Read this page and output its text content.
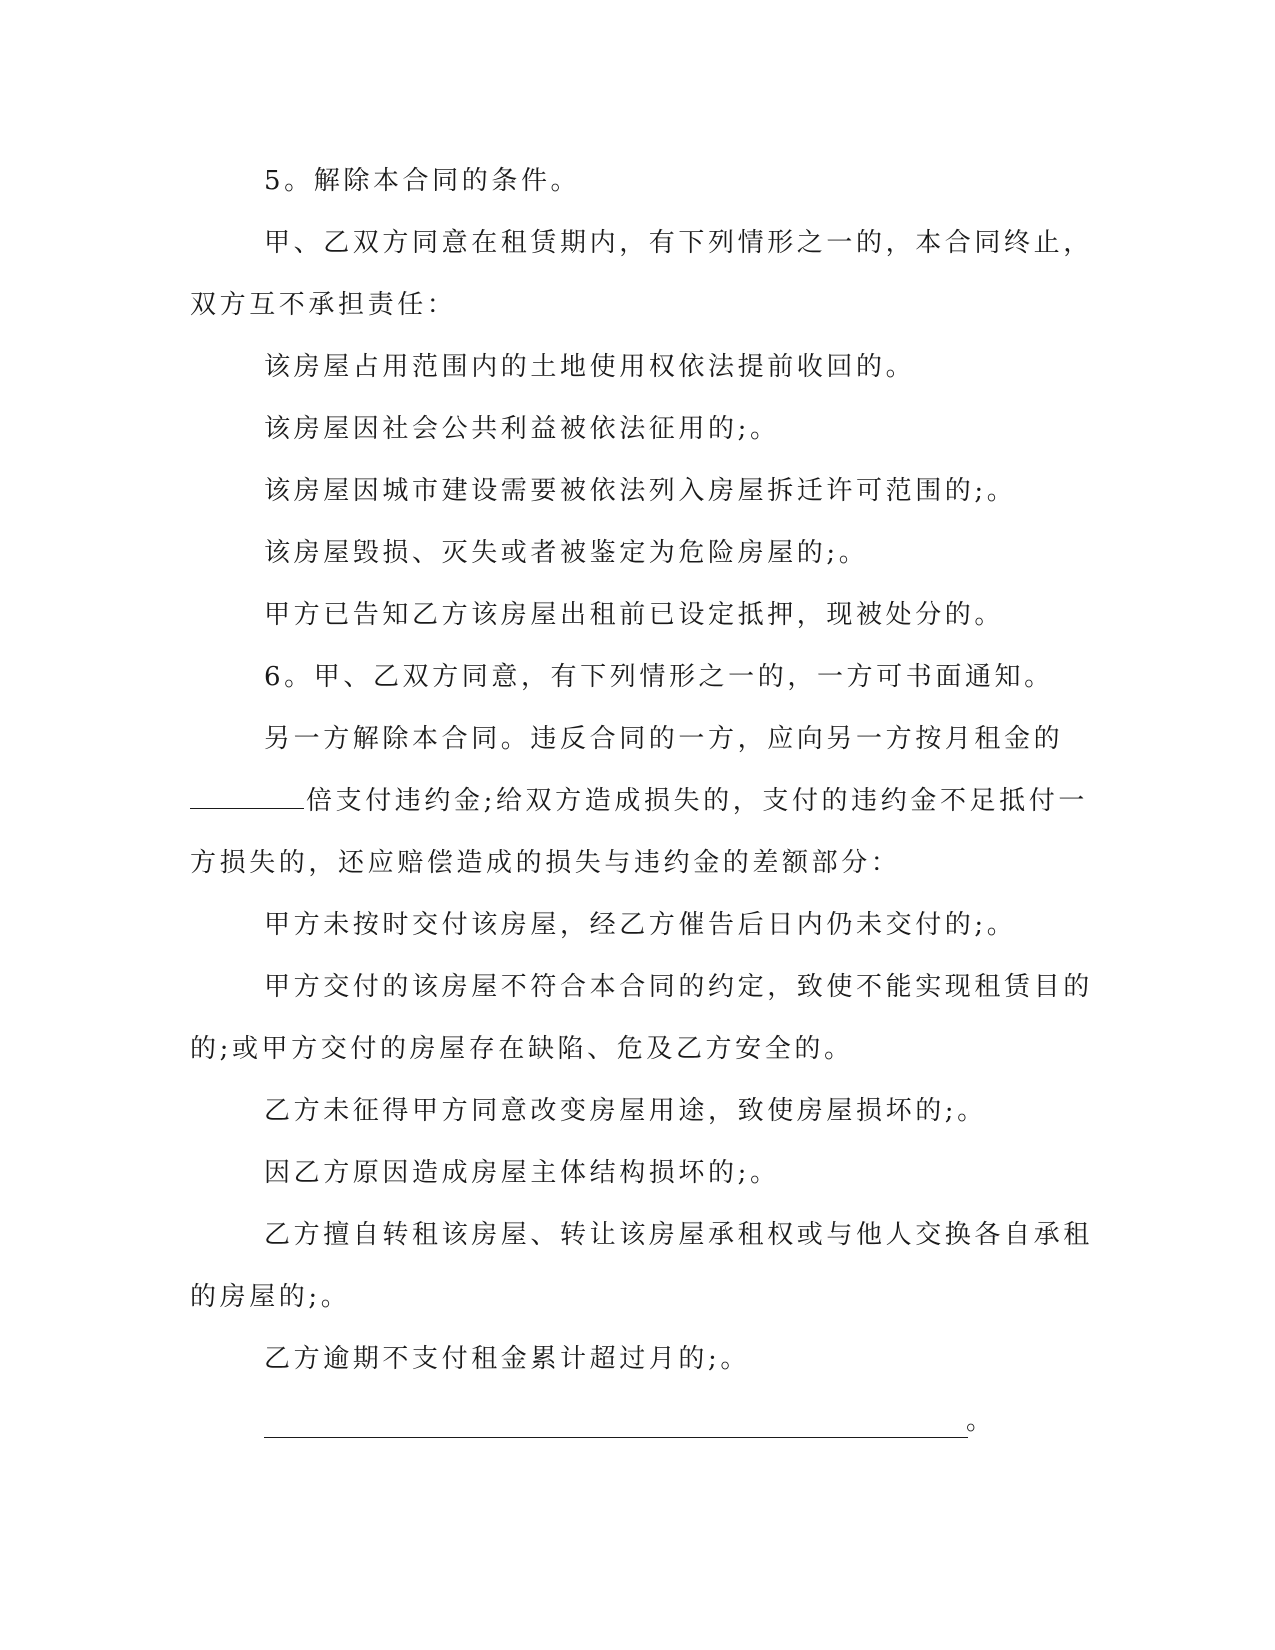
5。解除本合同的条件。
甲、乙双方同意在租赁期内，有下列情形之一的，本合同终止，
双方互不承担责任：
该房屋占用范围内的土地使用权依法提前收回的。
该房屋因社会公共利益被依法征用的;。
该房屋因城市建设需要被依法列入房屋拆迁许可范围的;。
该房屋毁损、灭失或者被鉴定为危险房屋的;。
甲方已告知乙方该房屋出租前已设定抵押，现被处分的。
6。甲、乙双方同意，有下列情形之一的，一方可书面通知。
另一方解除本合同。违反合同的一方，应向另一方按月租金的
倍支付违约金;给双方造成损失的，支付的违约金不足抵付一
方损失的，还应赔偿造成的损失与违约金的差额部分：
甲方未按时交付该房屋，经乙方催告后日内仍未交付的;。
甲方交付的该房屋不符合本合同的约定，致使不能实现租赁目的
的;或甲方交付的房屋存在缺陷、危及乙方安全的。
乙方未征得甲方同意改变房屋用途，致使房屋损坏的;。
因乙方原因造成房屋主体结构损坏的;。
乙方擅自转租该房屋、转让该房屋承租权或与他人交换各自承租
的房屋的;。
乙方逾期不支付租金累计超过月的;。
。
